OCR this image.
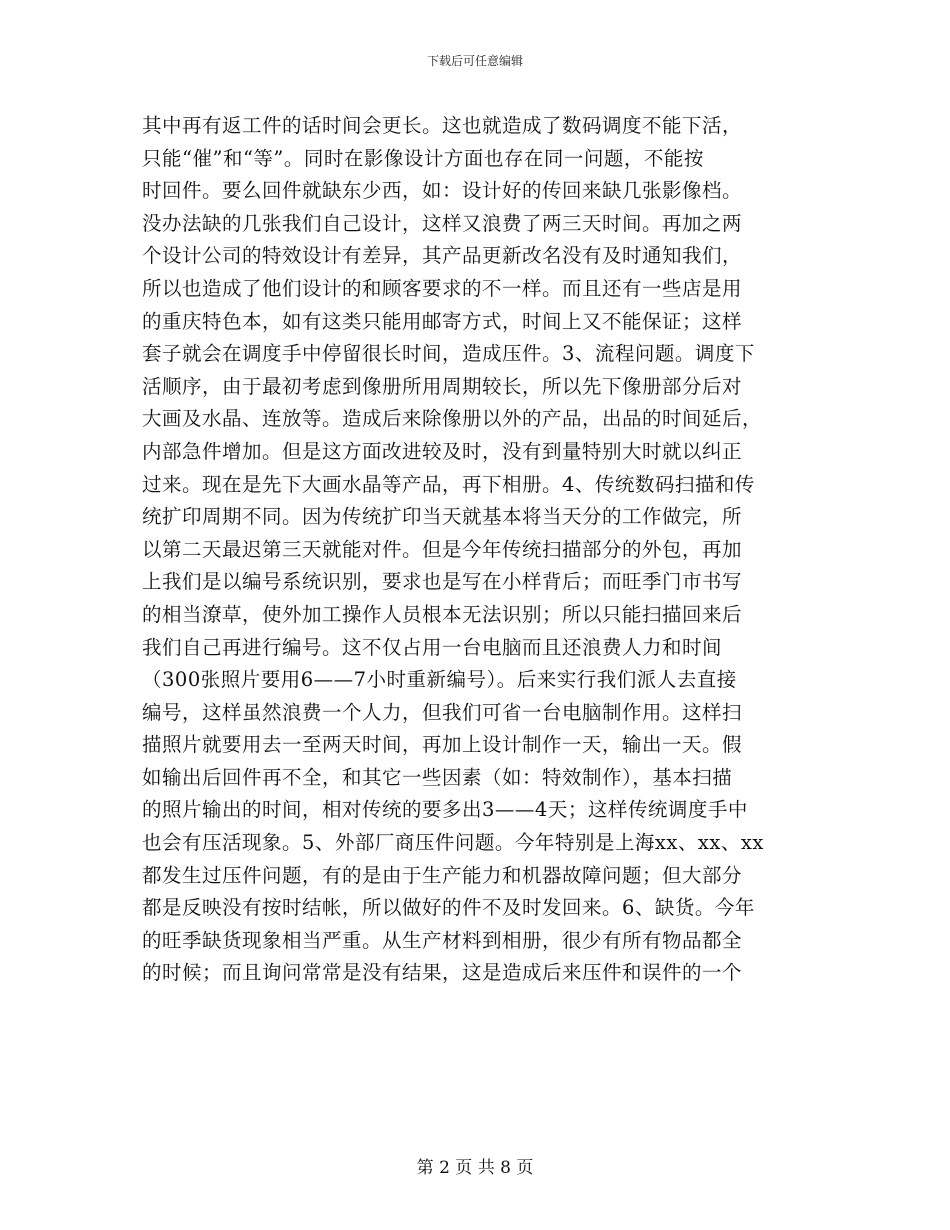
下载后可任意编辑
其中再有返工件的话时间会更长。这也就造成了数码调度不能下活，
只能“催”和“等”。同时在影像设计方面也存在同一问题，不能按
时回件。要么回件就缺东少西，如：设计好的传回来缺几张影像档。
没办法缺的几张我们自己设计，这样又浪费了两三天时间。再加之两
个设计公司的特效设计有差异，其产品更新改名没有及时通知我们，
所以也造成了他们设计的和顾客要求的不一样。而且还有一些店是用
的重庆特色本，如有这类只能用邮寄方式，时间上又不能保证；这样
套子就会在调度手中停留很长时间，造成压件。3、流程问题。调度下
活顺序，由于最初考虑到像册所用周期较长，所以先下像册部分后对
大画及水晶、连放等。造成后来除像册以外的产品，出品的时间延后，
内部急件增加。但是这方面改进较及时，没有到量特别大时就以纠正
过来。现在是先下大画水晶等产品，再下相册。4、传统数码扫描和传
统扩印周期不同。因为传统扩印当天就基本将当天分的工作做完，所
以第二天最迟第三天就能对件。但是今年传统扫描部分的外包，再加
上我们是以编号系统识别，要求也是写在小样背后；而旺季门市书写
的相当潦草，使外加工操作人员根本无法识别；所以只能扫描回来后
我们自己再进行编号。这不仅占用一台电脑而且还浪费人力和时间
（300张照片要用6——7小时重新编号）。后来实行我们派人去直接
编号，这样虽然浪费一个人力，但我们可省一台电脑制作用。这样扫
描照片就要用去一至两天时间，再加上设计制作一天，输出一天。假
如输出后回件再不全，和其它一些因素（如：特效制作），基本扫描
的照片输出的时间，相对传统的要多出3——4天；这样传统调度手中
也会有压活现象。5、外部厂商压件问题。今年特别是上海xx、xx、xx
都发生过压件问题，有的是由于生产能力和机器故障问题；但大部分
都是反映没有按时结帐，所以做好的件不及时发回来。6、缺货。今年
的旺季缺货现象相当严重。从生产材料到相册，很少有所有物品都全
的时候；而且询问常常是没有结果，这是造成后来压件和误件的一个
第 2 页 共 8 页
